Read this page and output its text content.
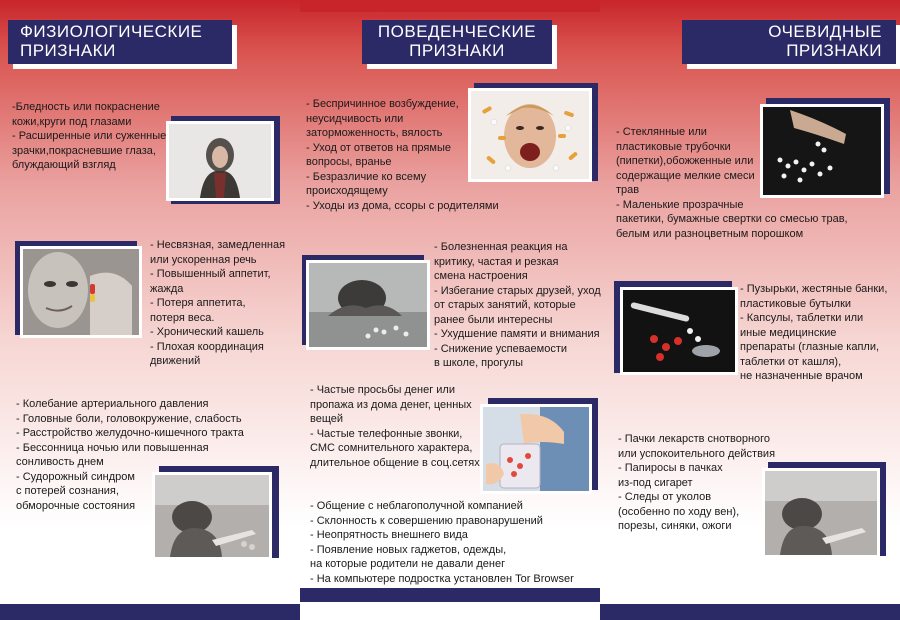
ФИЗИОЛОГИЧЕСКИЕ
ПРИЗНАКИ
-Бледность или покраснение
кожи,круги под глазами
- Расширенные или суженные
зрачки,покрасневшие глаза,
блуждающий взгляд
- Несвязная, замедленная
или ускоренная речь
- Повышенный аппетит,
жажда
- Потеря аппетита,
потеря веса.
- Хронический кашель
- Плохая координация
движений
- Колебание артериального давления
- Головные боли, головокружение, слабость
- Расстройство желудочно-кишечного тракта
- Бессонница ночью или повышенная
сонливость днем
- Судорожный синдром
с потерей сознания,
обморочные состояния
ПОВЕДЕНЧЕСКИЕ
ПРИЗНАКИ
- Беспричинное возбуждение,
неусидчивость или
заторможенность, вялость
- Уход от ответов на прямые
вопросы, вранье
- Безразличие ко всему
происходящему
- Уходы из дома, ссоры с родителями
- Болезненная реакция на
критику, частая и резкая
смена настроения
- Избегание старых друзей, уход
от старых занятий, которые
ранее были интересны
- Ухудшение памяти и внимания
- Снижение успеваемости
в школе, прогулы
- Частые просьбы денег или
пропажа из дома денег, ценных
вещей
- Частые телефонные звонки,
СМС сомнительного характера,
длительное общение в соц.сетях
- Общение с неблагополучной компанией
- Склонность к совершению правонарушений
- Неопрятность внешнего вида
- Появление новых гаджетов, одежды,
на которые родители не давали денег
- На компьютере подростка установлен Tor Browser
ОЧЕВИДНЫЕ
ПРИЗНАКИ
- Стеклянные или
пластиковые трубочки
(пипетки),обожженные или
содержащие мелкие смеси
трав
- Маленькие прозрачные
пакетики, бумажные свертки со смесью трав,
белым или разноцветным порошком
- Пузырьки, жестяные банки,
пластиковые бутылки
- Капсулы, таблетки или
иные медицинские
препараты (глазные капли,
таблетки от кашля),
не назначенные врачом
- Пачки лекарств снотворного
или успокоительного действия
- Папиросы в пачках
из-под сигарет
- Следы от уколов
(особенно по ходу вен),
порезы, синяки, ожоги
